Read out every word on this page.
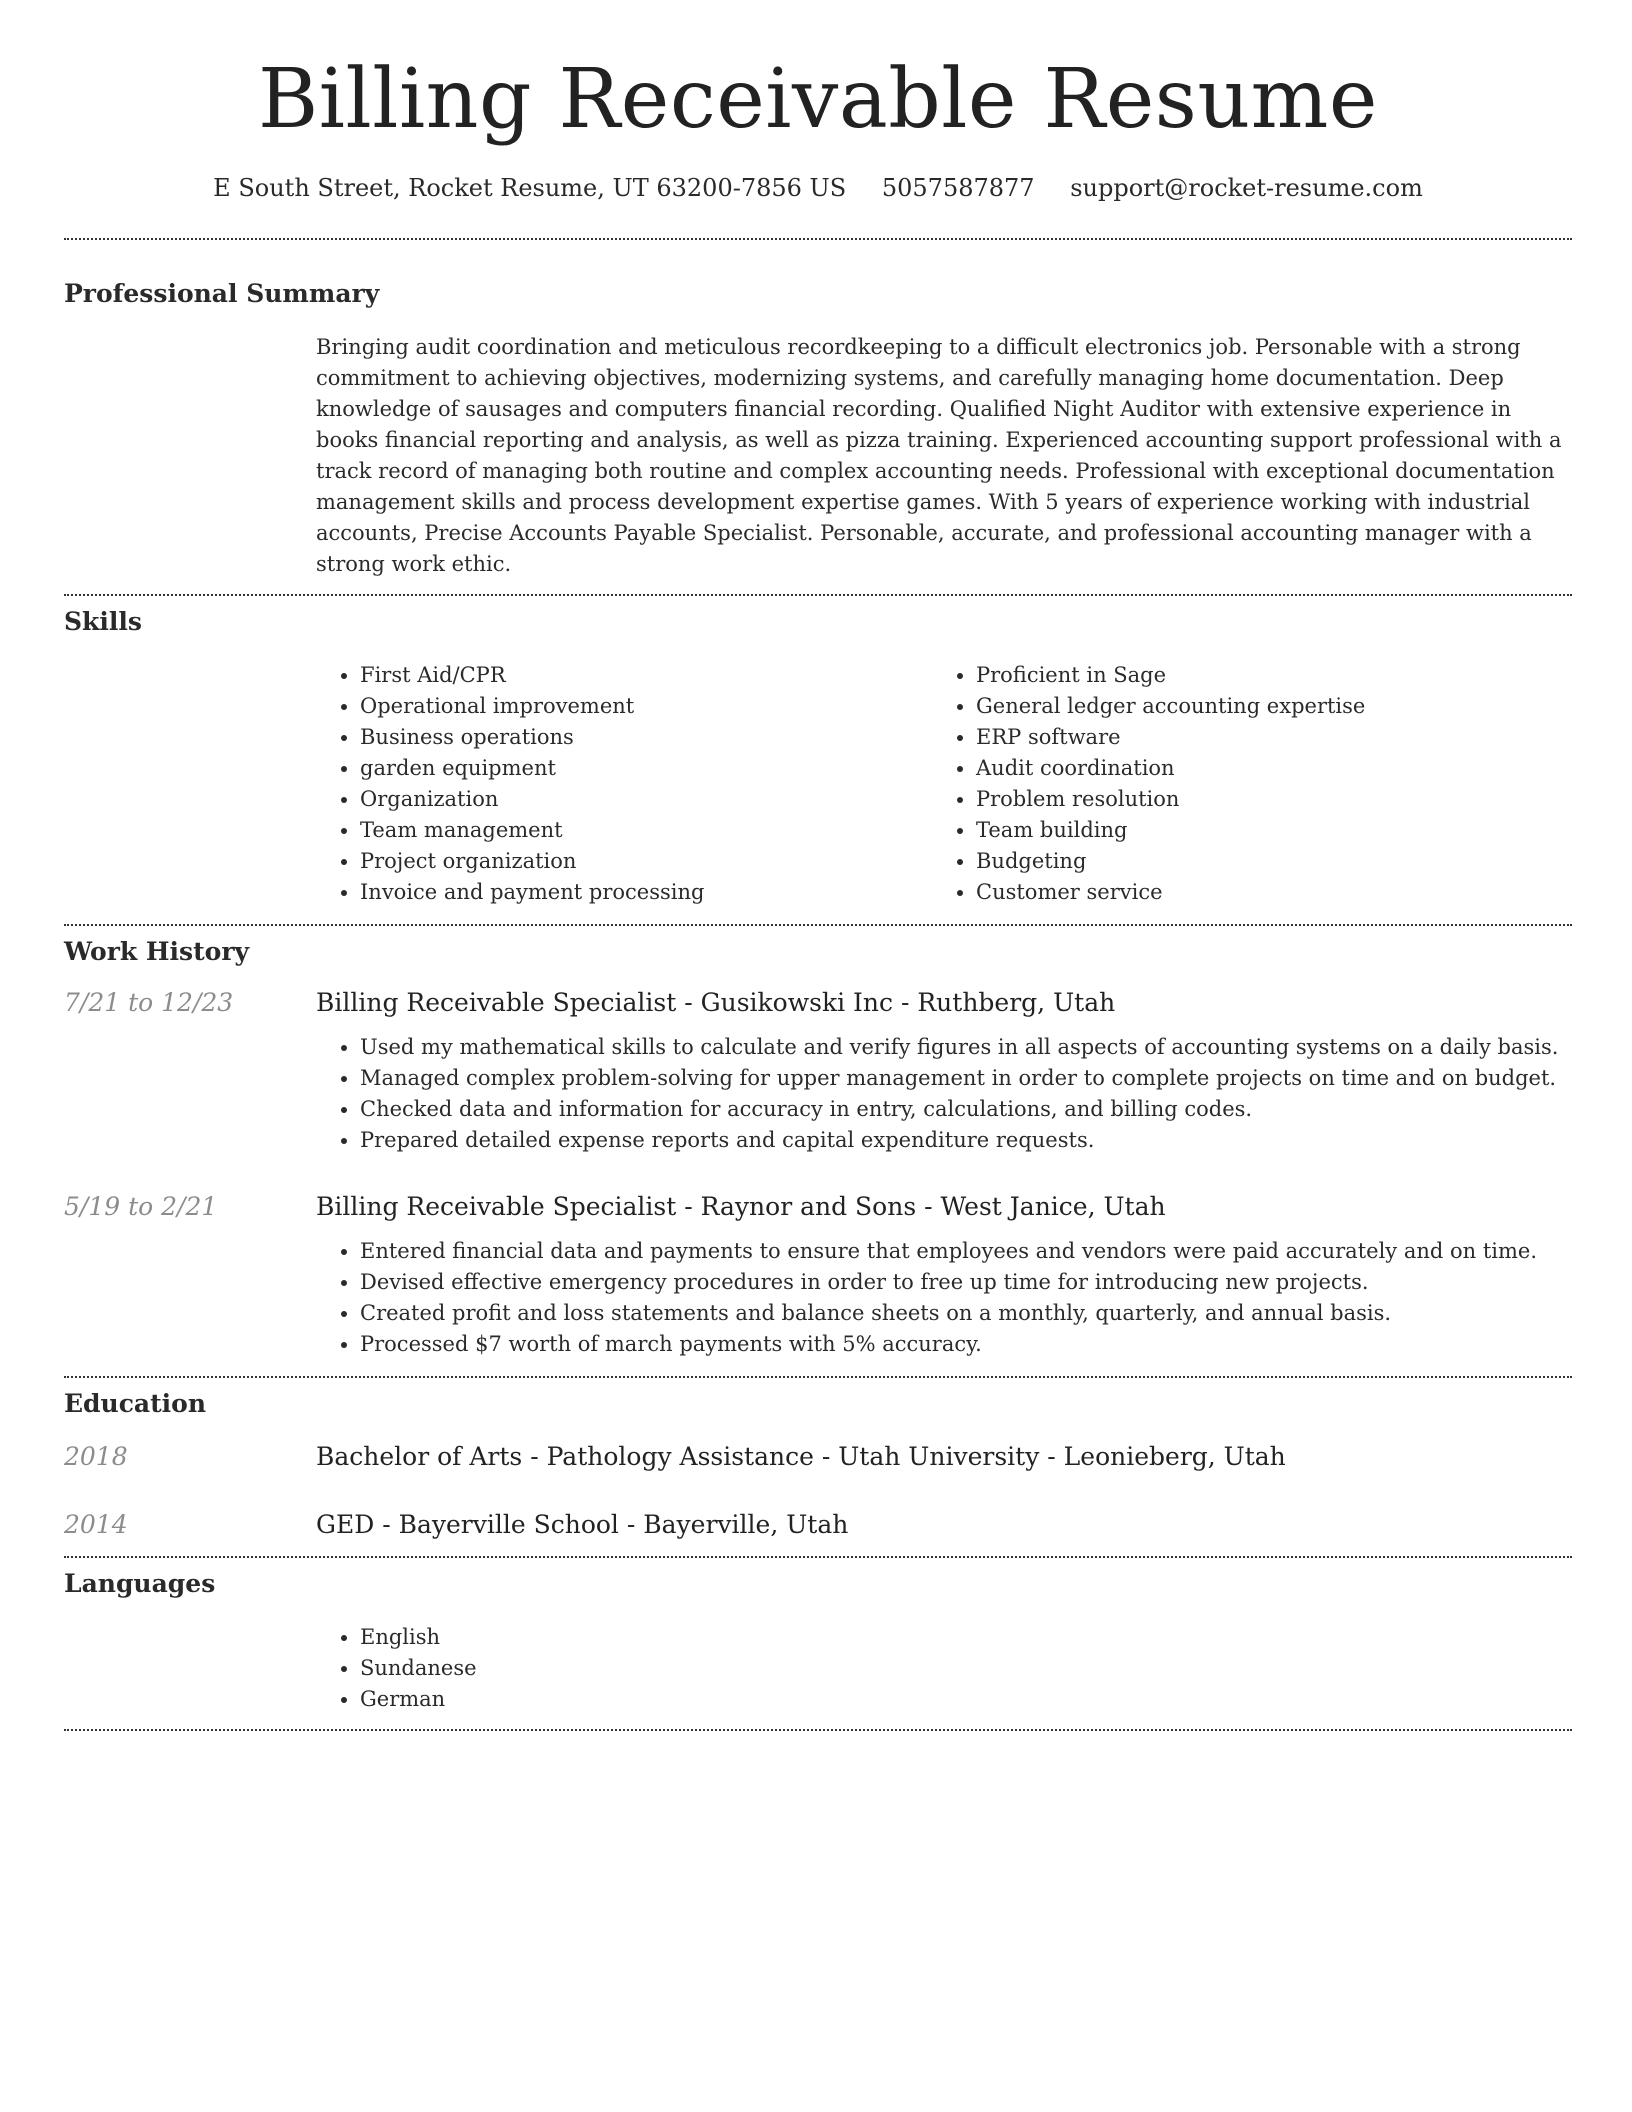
Billing Receivable Resume
E South Street, Rocket Resume, UT 63200-7856 US 5057587877 support@rocket-resume.com
Professional Summary

Bringing audit coordination and meticulous recordkeeping to a difficult electronics job. Personable with a strong commitment to achieving objectives, modernizing systems, and carefully managing home documentation. Deep knowledge of sausages and computers financial recording. Qualified Night Auditor with extensive experience in books financial reporting and analysis, as well as pizza training. Experienced accounting support professional with a track record of managing both routine and complex accounting needs. Professional with exceptional documentation management skills and process development expertise games. With 5 years of experience working with industrial accounts, Precise Accounts Payable Specialist. Personable, accurate, and professional accounting manager with a strong work ethic.

Skills
• First Aid/CPR
• Operational improvement
• Business operations
• garden equipment
• Organization
• Team management
• Project organization
• Invoice and payment processing
• Proficient in Sage
• General ledger accounting expertise
• ERP software
• Audit coordination
• Problem resolution
• Team building
• Budgeting
• Customer service
Work History
7/21 to 12/23	Billing Receivable Specialist - Gusikowski Inc - Ruthberg, Utah
• Used my mathematical skills to calculate and verify figures in all aspects of accounting systems on a daily basis.
• Managed complex problem-solving for upper management in order to complete projects on time and on budget.
• Checked data and information for accuracy in entry, calculations, and billing codes.
• Prepared detailed expense reports and capital expenditure requests.
5/19 to 2/21	Billing Receivable Specialist - Raynor and Sons - West Janice, Utah
• Entered financial data and payments to ensure that employees and vendors were paid accurately and on time.
• Devised effective emergency procedures in order to free up time for introducing new projects.
• Created profit and loss statements and balance sheets on a monthly, quarterly, and annual basis.
• Processed $7 worth of march payments with 5% accuracy.
Education
2018	Bachelor of Arts - Pathology Assistance - Utah University - Leonieberg, Utah
2014	GED - Bayerville School - Bayerville, Utah
Languages
• English
• Sundanese
• German
